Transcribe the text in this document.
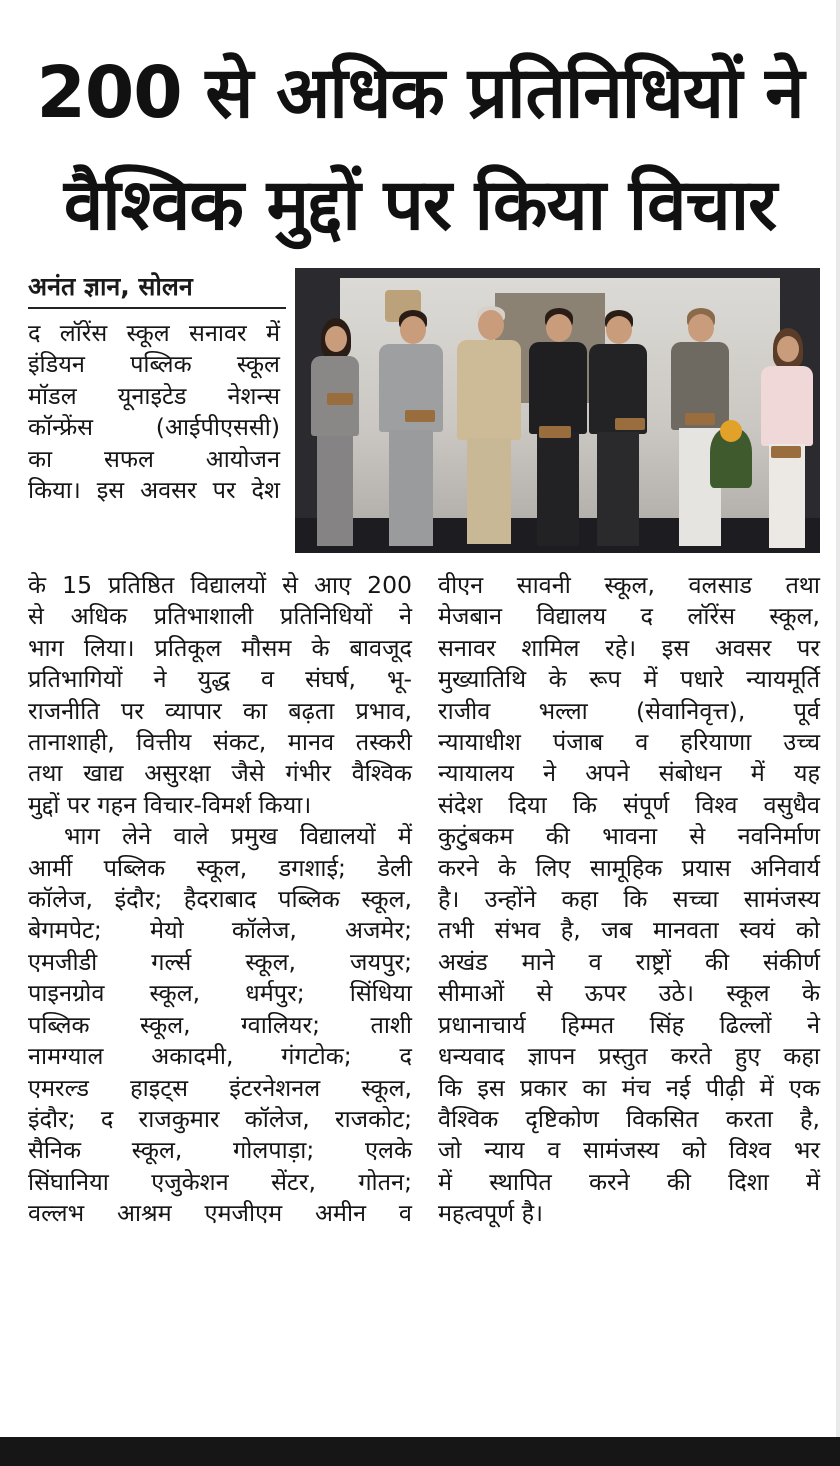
200 से अधिक प्रतिनिधियों ने
वैश्विक मुद्दों पर किया विचार
अनंत ज्ञान, सोलन

द लॉरेंस स्कूल सनावर में

इंडियन पब्लिक स्कूल

मॉडल यूनाइटेड नेशन्स

कॉन्फ्रेंस (आईपीएससी)

का सफल आयोजन

किया। इस अवसर पर देश

के 15 प्रतिष्ठित विद्यालयों से आए 200

से अधिक प्रतिभाशाली प्रतिनिधियों ने

भाग लिया। प्रतिकूल मौसम के बावजूद

प्रतिभागियों ने युद्ध व संघर्ष, भू-

राजनीति पर व्यापार का बढ़ता प्रभाव,

तानाशाही, वित्तीय संकट, मानव तस्करी

तथा खाद्य असुरक्षा जैसे गंभीर वैश्विक

मुद्दों पर गहन विचार-विमर्श किया।

भाग लेने वाले प्रमुख विद्यालयों में

आर्मी पब्लिक स्कूल, डगशाई; डेली

कॉलेज, इंदौर; हैदराबाद पब्लिक स्कूल,

बेगमपेट; मेयो कॉलेज, अजमेर;

एमजीडी गर्ल्स स्कूल, जयपुर;

पाइनग्रोव स्कूल, धर्मपुर; सिंधिया

पब्लिक स्कूल, ग्वालियर; ताशी

नामग्याल अकादमी, गंगटोक; द

एमरल्ड हाइट्स इंटरनेशनल स्कूल,

इंदौर; द राजकुमार कॉलेज, राजकोट;

सैनिक स्कूल, गोलपाड़ा; एलके

सिंघानिया एजुकेशन सेंटर, गोतन;

वल्लभ आश्रम एमजीएम अमीन व

वीएन सावनी स्कूल, वलसाड तथा

मेजबान विद्यालय द लॉरेंस स्कूल,

सनावर शामिल रहे। इस अवसर पर

मुख्यातिथि के रूप में पधारे न्यायमूर्ति

राजीव भल्ला (सेवानिवृत्त), पूर्व

न्यायाधीश पंजाब व हरियाणा उच्च

न्यायालय ने अपने संबोधन में यह

संदेश दिया कि संपूर्ण विश्व वसुधैव

कुटुंबकम की भावना से नवनिर्माण

करने के लिए सामूहिक प्रयास अनिवार्य

है। उन्होंने कहा कि सच्चा सामंजस्य

तभी संभव है, जब मानवता स्वयं को

अखंड माने व राष्ट्रों की संकीर्ण

सीमाओं से ऊपर उठे। स्कूल के

प्रधानाचार्य हिम्मत सिंह ढिल्लों ने

धन्यवाद ज्ञापन प्रस्तुत करते हुए कहा

कि इस प्रकार का मंच नई पीढ़ी में एक

वैश्विक दृष्टिकोण विकसित करता है,

जो न्याय व सामंजस्य को विश्व भर

में स्थापित करने की दिशा में

महत्वपूर्ण है।
